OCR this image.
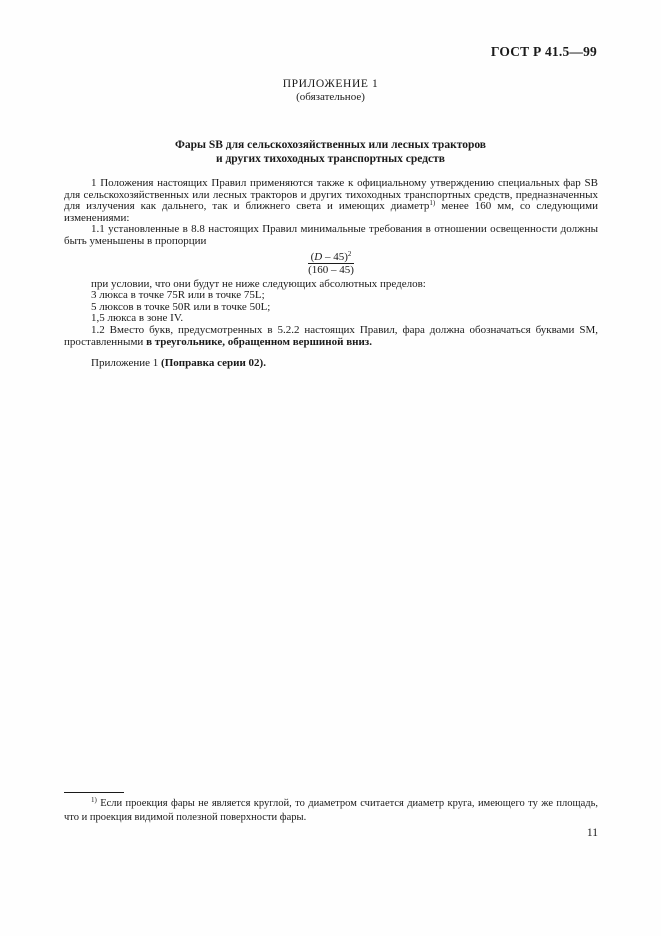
ГОСТ Р 41.5—99
ПРИЛОЖЕНИЕ 1
(обязательное)
Фары SB для сельскохозяйственных или лесных тракторов
и других тихоходных транспортных средств

1 Положения настоящих Правил применяются также к официальному утверждению специальных фар SB для сельскохозяйственных или лесных тракторов и других тихоходных транспортных средств, предназначенных для излучения как дальнего, так и ближнего света и имеющих диаметр$^{1)}$ менее 160 мм, со следующими изменениями:

1.1 установленные в 8.8 настоящих Правил минимальные требования в отношении освещенности должны быть уменьшены в пропорции

(D – 45)$^2$
(160 – 45)

при условии, что они будут не ниже следующих абсолютных пределов:

3 люкса в точке 75R или в точке 75L;

5 люксов в точке 50R или в точке 50L;

1,5 люкса в зоне IV.

1.2 Вместо букв, предусмотренных в 5.2.2 настоящих Правил, фара должна обозначаться буквами SM, проставленными в треугольнике, обращенном вершиной вниз.

Приложение 1 (Поправка серии 02).

$^{1)}$ Если проекция фары не является круглой, то диаметром считается диаметр круга, имеющего ту же площадь, что и проекция видимой полезной поверхности фары.

11
